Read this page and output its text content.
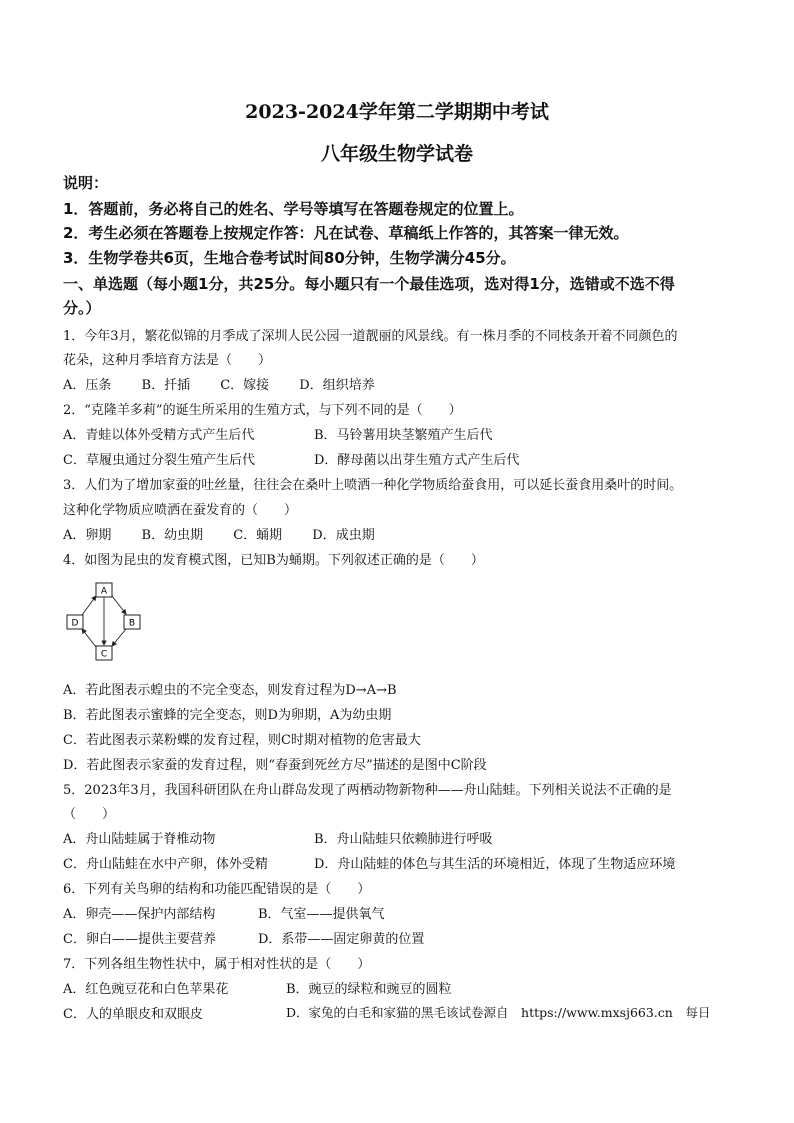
2023-2024学年第二学期期中考试
八年级生物学试卷
说明：
1．答题前，务必将自己的姓名、学号等填写在答题卷规定的位置上。
2．考生必须在答题卷上按规定作答：凡在试卷、草稿纸上作答的，其答案一律无效。
3．生物学卷共6页，生地合卷考试时间80分钟，生物学满分45分。
一、单选题（每小题1分，共25分。每小题只有一个最佳选项，选对得1分，选错或不选不得
分。）
1．今年3月，繁花似锦的月季成了深圳人民公园一道靓丽的风景线。有一株月季的不同枝条开着不同颜色的
花朵，这种月季培育方法是（　　）
A．压条　　 B．扦插　　 C．嫁接　　 D．组织培养
2．“克隆羊多莉”的诞生所采用的生殖方式，与下列不同的是（　　）
A．青蛙以体外受精方式产生后代	B．马铃薯用块茎繁殖产生后代
C．草履虫通过分裂生殖产生后代	D．酵母菌以出芽生殖方式产生后代
3．人们为了增加家蚕的吐丝量，往往会在桑叶上喷洒一种化学物质给蚕食用，可以延长蚕食用桑叶的时间。
这种化学物质应喷洒在蚕发育的（　　）
A．卵期　　 B．幼虫期　　 C．蛹期　　 D．成虫期
4．如图为昆虫的发育模式图，已知B为蛹期。下列叙述正确的是（　　）
A
B
C
D
A．若此图表示蝗虫的不完全变态，则发育过程为D→A→B
B．若此图表示蜜蜂的完全变态，则D为卵期，A为幼虫期
C．若此图表示菜粉蝶的发育过程，则C时期对植物的危害最大
D．若此图表示家蚕的发育过程，则“春蚕到死丝方尽”描述的是图中C阶段
5．2023年3月，我国科研团队在舟山群岛发现了两栖动物新物种——舟山陆蛙。下列相关说法不正确的是
（　　）
A．舟山陆蛙属于脊椎动物	B．舟山陆蛙只依赖肺进行呼吸
C．舟山陆蛙在水中产卵，体外受精	D．舟山陆蛙的体色与其生活的环境相近，体现了生物适应环境
6．下列有关鸟卵的结构和功能匹配错误的是（　　）
A．卵壳——保护内部结构	B．气室——提供氧气
C．卵白——提供主要营养	D．系带——固定卵黄的位置
7．下列各组生物性状中，属于相对性状的是（　　）
A．红色豌豆花和白色苹果花	B．豌豆的绿粒和豌豆的圆粒
C．人的单眼皮和双眼皮	D．家兔的白毛和家猫的黑毛该试卷源自　https://www.mxsj663.cn　每日
